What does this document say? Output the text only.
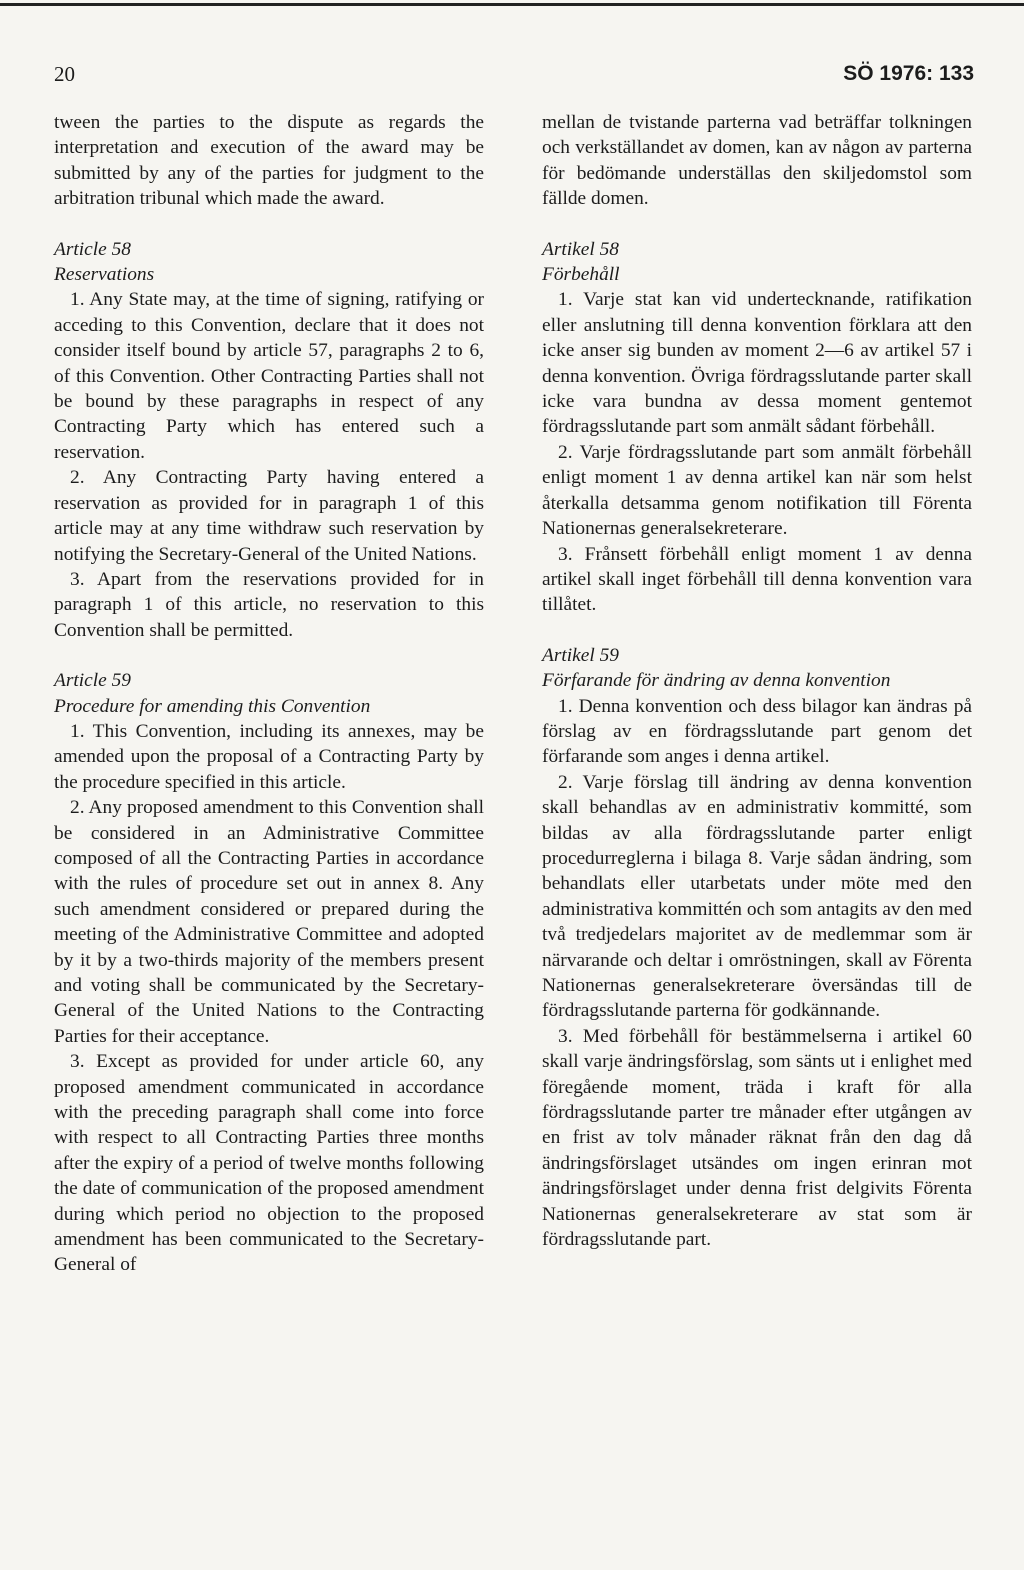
20	SÖ 1976: 133

tween the parties to the dispute as regards the interpretation and execution of the award may be submitted by any of the parties for judgment to the arbitration tribunal which made the award.

Article 58

Reservations

1. Any State may, at the time of signing, ratifying or acceding to this Convention, declare that it does not consider itself bound by article 57, paragraphs 2 to 6, of this Convention. Other Contracting Parties shall not be bound by these paragraphs in respect of any Contracting Party which has entered such a reservation.

2. Any Contracting Party having entered a reservation as provided for in paragraph 1 of this article may at any time withdraw such reservation by notifying the Secretary-General of the United Nations.

3. Apart from the reservations provided for in paragraph 1 of this article, no reservation to this Convention shall be permitted.

Article 59

Procedure for amending this Convention

1. This Convention, including its annexes, may be amended upon the proposal of a Contracting Party by the procedure specified in this article.

2. Any proposed amendment to this Convention shall be considered in an Administrative Committee composed of all the Contracting Parties in accordance with the rules of procedure set out in annex 8. Any such amendment considered or prepared during the meeting of the Administrative Committee and adopted by it by a two-thirds majority of the members present and voting shall be communicated by the Secretary-General of the United Nations to the Contracting Parties for their acceptance.

3. Except as provided for under article 60, any proposed amendment communicated in accordance with the preceding paragraph shall come into force with respect to all Contracting Parties three months after the expiry of a period of twelve months following the date of communication of the proposed amendment during which period no objection to the proposed amendment has been communicated to the Secretary-General of

mellan de tvistande parterna vad beträffar tolkningen och verkställandet av domen, kan av någon av parterna för bedömande underställas den skiljedomstol som fällde domen.

Artikel 58

Förbehåll

1. Varje stat kan vid undertecknande, ratifikation eller anslutning till denna konvention förklara att den icke anser sig bunden av moment 2—6 av artikel 57 i denna konvention. Övriga fördragsslutande parter skall icke vara bundna av dessa moment gentemot fördragsslutande part som anmält sådant förbehåll.

2. Varje fördragsslutande part som anmält förbehåll enligt moment 1 av denna artikel kan när som helst återkalla detsamma genom notifikation till Förenta Nationernas generalsekreterare.

3. Frånsett förbehåll enligt moment 1 av denna artikel skall inget förbehåll till denna konvention vara tillåtet.

Artikel 59

Förfarande för ändring av denna konvention

1. Denna konvention och dess bilagor kan ändras på förslag av en fördragsslutande part genom det förfarande som anges i denna artikel.

2. Varje förslag till ändring av denna konvention skall behandlas av en administrativ kommitté, som bildas av alla fördragsslutande parter enligt procedurreglerna i bilaga 8. Varje sådan ändring, som behandlats eller utarbetats under möte med den administrativa kommittén och som antagits av den med två tredjedelars majoritet av de medlemmar som är närvarande och deltar i omröstningen, skall av Förenta Nationernas generalsekreterare översändas till de fördragsslutande parterna för godkännande.

3. Med förbehåll för bestämmelserna i artikel 60 skall varje ändringsförslag, som sänts ut i enlighet med föregående moment, träda i kraft för alla fördragsslutande parter tre månader efter utgången av en frist av tolv månader räknat från den dag då ändringsförslaget utsändes om ingen erinran mot ändringsförslaget under denna frist delgivits Förenta Nationernas generalsekreterare av stat som är fördragsslutande part.
